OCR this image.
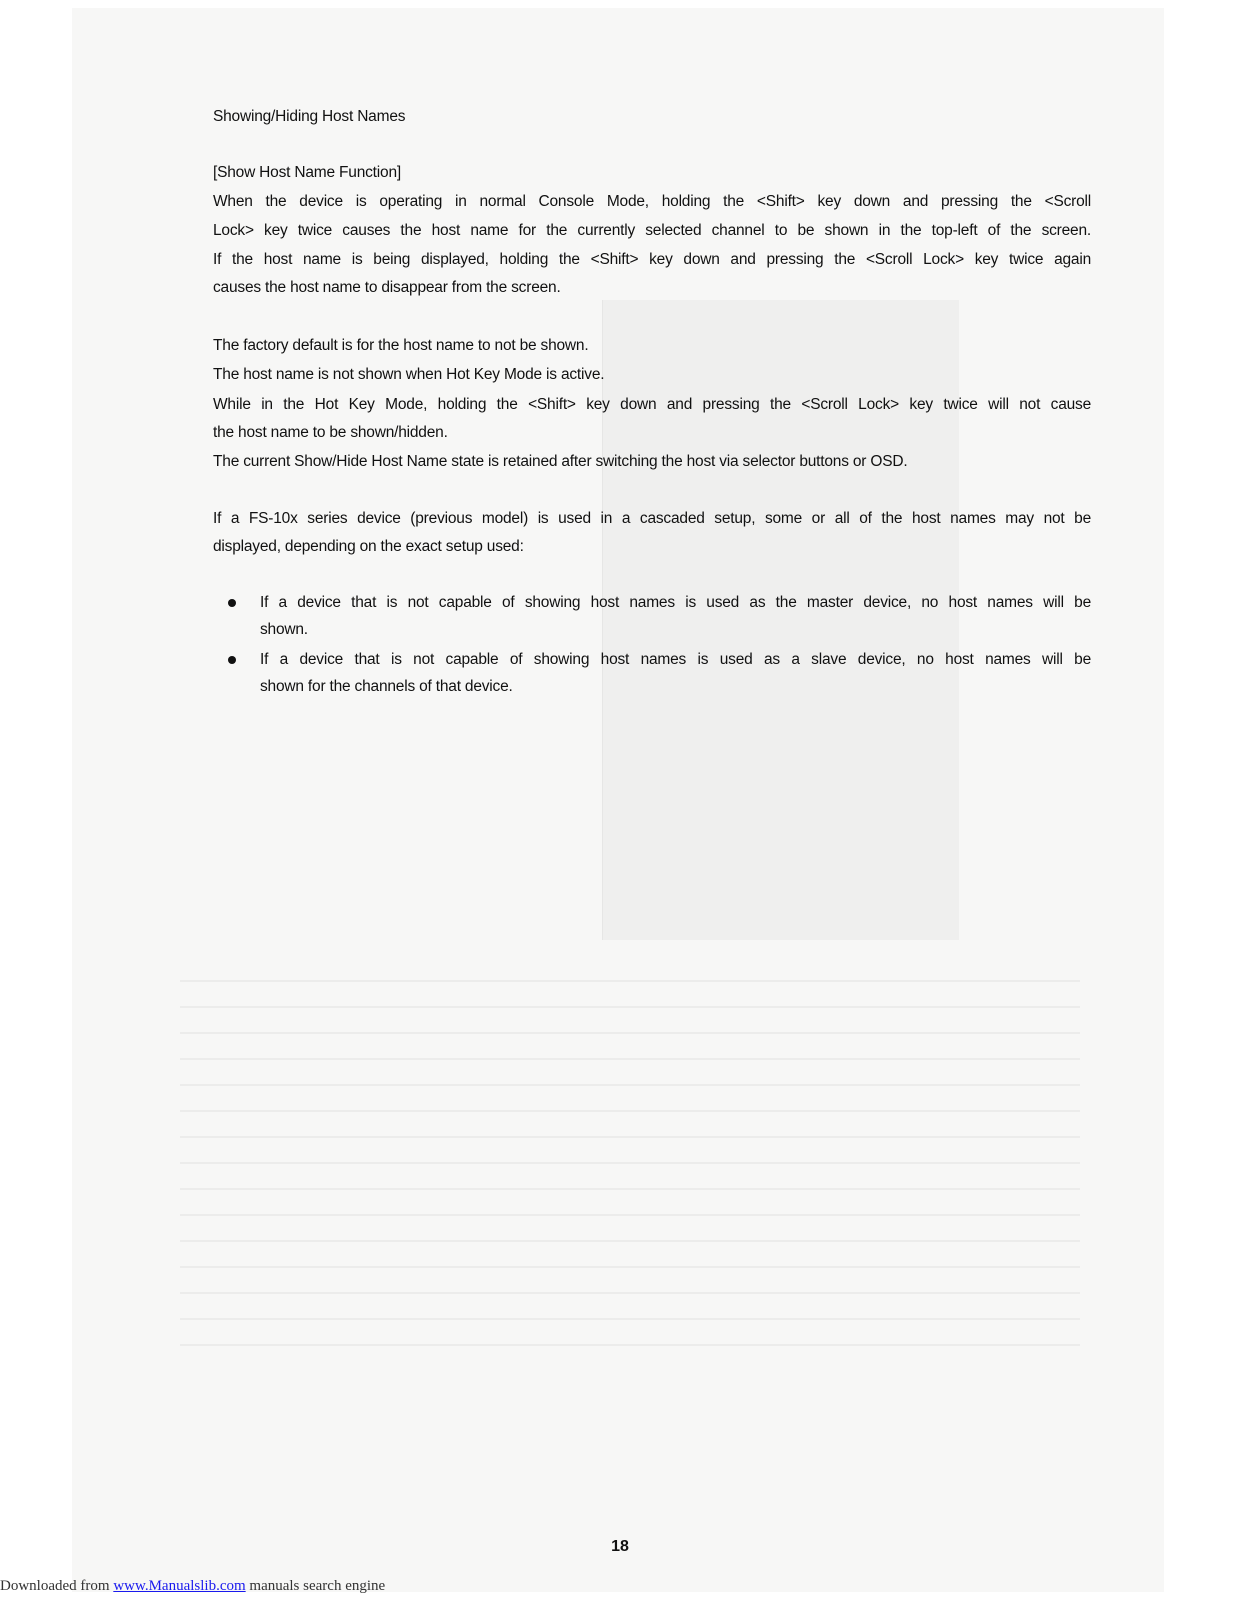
Showing/Hiding Host Names
[Show Host Name Function]
When the device is operating in normal Console Mode, holding the <Shift> key down and pressing the <Scroll
Lock> key twice causes the host name for the currently selected channel to be shown in the top-left of the screen.
If the host name is being displayed, holding the <Shift> key down and pressing the <Scroll Lock> key twice again
causes the host name to disappear from the screen.
The factory default is for the host name to not be shown.
The host name is not shown when Hot Key Mode is active.
While in the Hot Key Mode, holding the <Shift> key down and pressing the <Scroll Lock> key twice will not cause
the host name to be shown/hidden.
The current Show/Hide Host Name state is retained after switching the host via selector buttons or OSD.
If a FS-10x series device (previous model) is used in a cascaded setup, some or all of the host names may not be
displayed, depending on the exact setup used:
If a device that is not capable of showing host names is used as the master device, no host names will be
shown.
If a device that is not capable of showing host names is used as a slave device, no host names will be
shown for the channels of that device.
18
Downloaded from www.Manualslib.com manuals search engine
